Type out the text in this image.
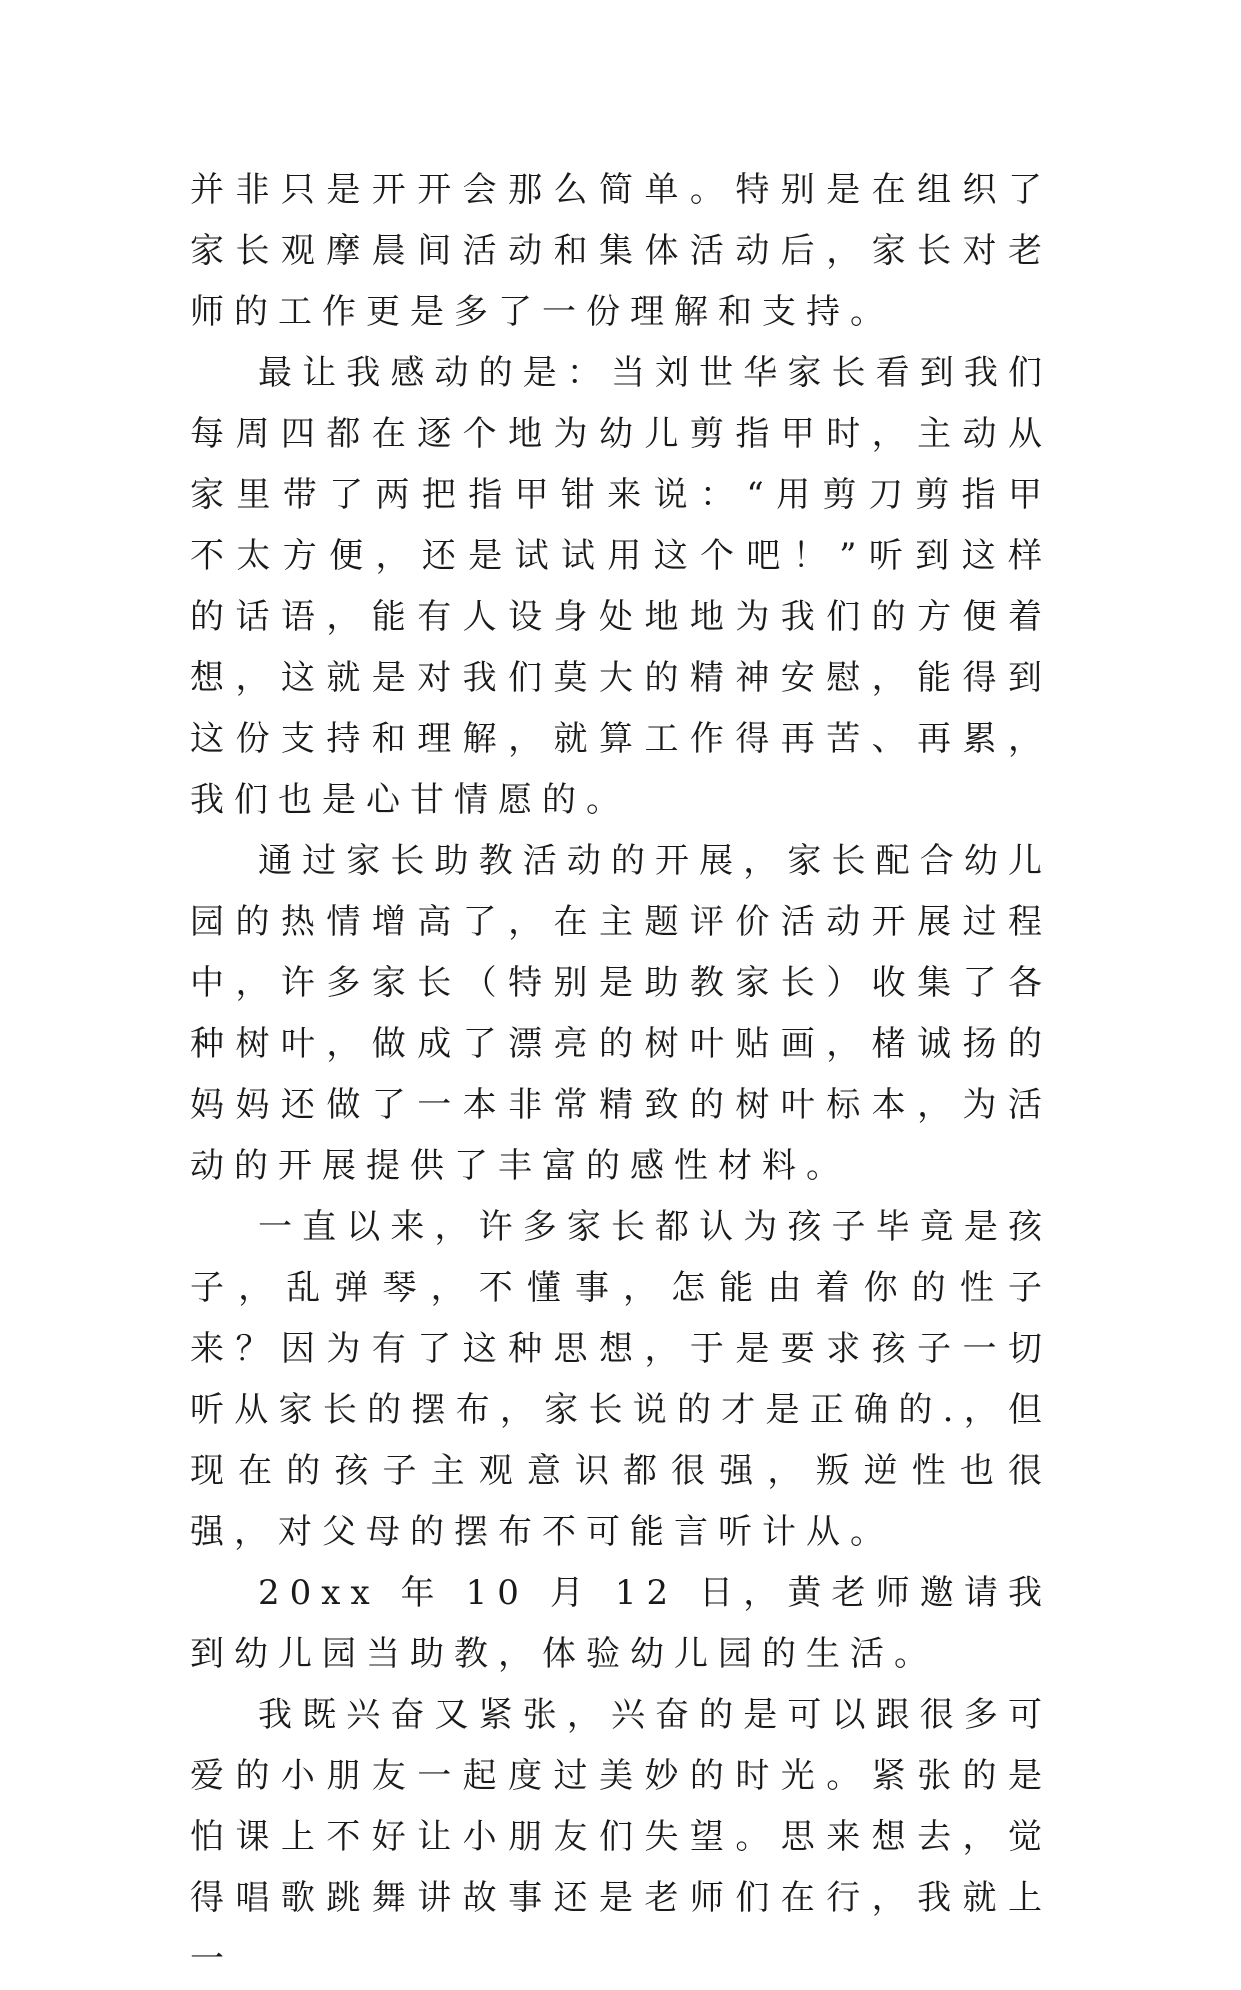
并非只是开开会那么简单。特别是在组织了家长观摩晨间活动和集体活动后，家长对老师的工作更是多了一份理解和支持。

最让我感动的是：当刘世华家长看到我们每周四都在逐个地为幼儿剪指甲时，主动从家里带了两把指甲钳来说：“用剪刀剪指甲不太方便，还是试试用这个吧！”听到这样的话语，能有人设身处地地为我们的方便着想，这就是对我们莫大的精神安慰，能得到这份支持和理解，就算工作得再苦、再累，我们也是心甘情愿的。

通过家长助教活动的开展，家长配合幼儿园的热情增高了，在主题评价活动开展过程中，许多家长（特别是助教家长）收集了各种树叶，做成了漂亮的树叶贴画，楮诚扬的妈妈还做了一本非常精致的树叶标本，为活动的开展提供了丰富的感性材料。

一直以来，许多家长都认为孩子毕竟是孩子，乱弹琴，不懂事，怎能由着你的性子来？因为有了这种思想，于是要求孩子一切听从家长的摆布，家长说的才是正确的.，但现在的孩子主观意识都很强，叛逆性也很强，对父母的摆布不可能言听计从。

20xx 年 10 月 12 日，黄老师邀请我到幼儿园当助教，体验幼儿园的生活。

我既兴奋又紧张，兴奋的是可以跟很多可爱的小朋友一起度过美妙的时光。紧张的是怕课上不好让小朋友们失望。思来想去，觉得唱歌跳舞讲故事还是老师们在行，我就上一
